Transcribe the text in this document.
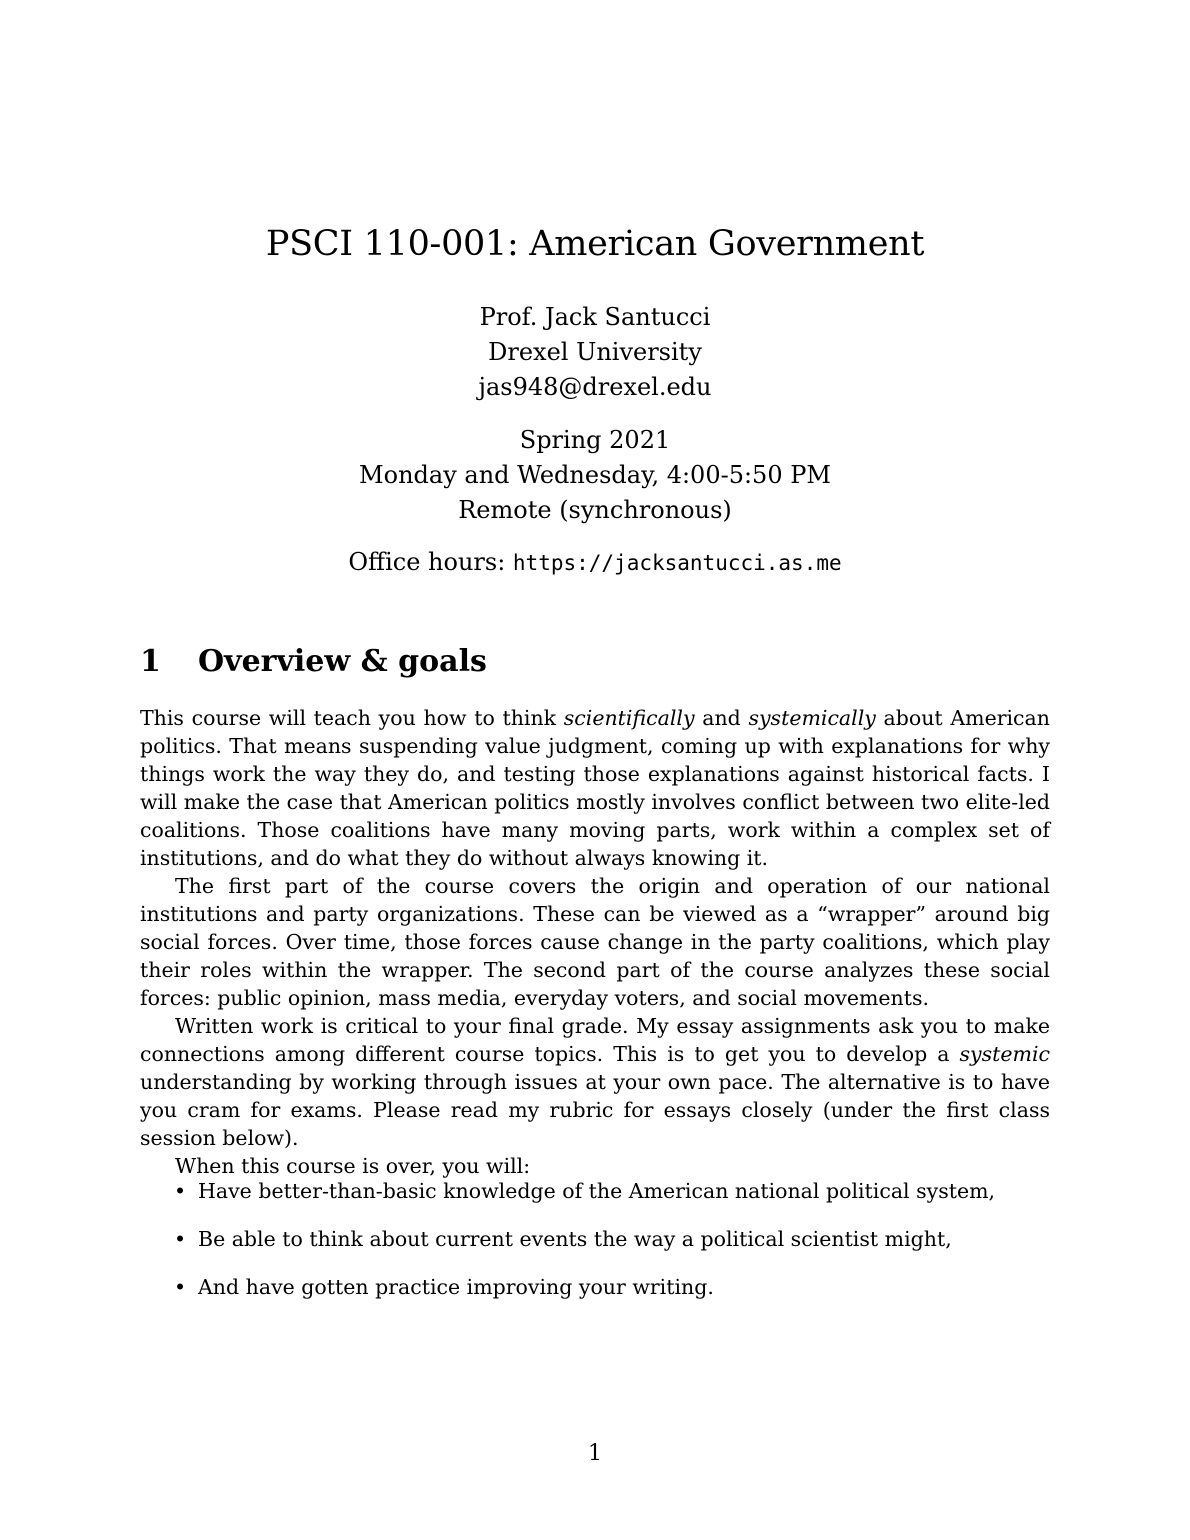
PSCI 110-001: American Government
Prof. Jack Santucci
Drexel University
jas948@drexel.edu
Spring 2021
Monday and Wednesday, 4:00-5:50 PM
Remote (synchronous)
Office hours: https://jacksantucci.as.me
1 Overview & goals

This course will teach you how to think scientifically and systemically about American politics. That means suspending value judgment, coming up with explanations for why things work the way they do, and testing those explanations against historical facts. I will make the case that American politics mostly involves conflict between two elite-led coalitions. Those coalitions have many moving parts, work within a complex set of institutions, and do what they do without always knowing it.

The first part of the course covers the origin and operation of our national institutions and party organizations. These can be viewed as a “wrapper” around big social forces. Over time, those forces cause change in the party coalitions, which play their roles within the wrapper. The second part of the course analyzes these social forces: public opinion, mass media, everyday voters, and social movements.

Written work is critical to your final grade. My essay assignments ask you to make connections among different course topics. This is to get you to develop a systemic understanding by working through issues at your own pace. The alternative is to have you cram for exams. Please read my rubric for essays closely (under the first class session below).

When this course is over, you will:

• Have better-than-basic knowledge of the American national political system,
• Be able to think about current events the way a political scientist might,
• And have gotten practice improving your writing.
1
